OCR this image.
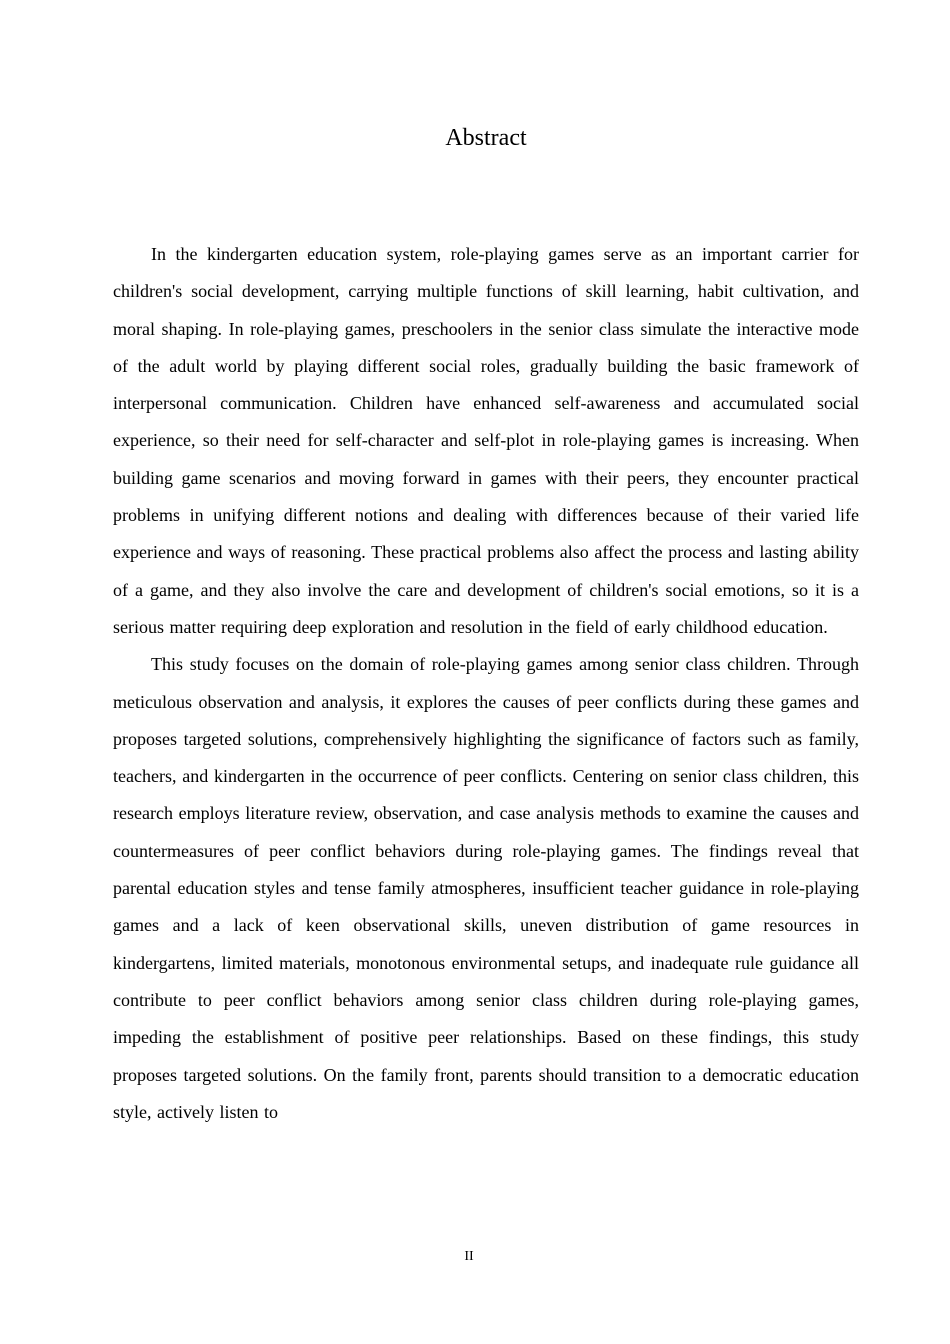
Abstract

In the kindergarten education system, role-playing games serve as an important carrier for children's social development, carrying multiple functions of skill learning, habit cultivation, and moral shaping. In role-playing games, preschoolers in the senior class simulate the interactive mode of the adult world by playing different social roles, gradually building the basic framework of interpersonal communication. Children have enhanced self-awareness and accumulated social experience, so their need for self-character and self-plot in role-playing games is increasing. When building game scenarios and moving forward in games with their peers, they encounter practical problems in unifying different notions and dealing with differences because of their varied life experience and ways of reasoning. These practical problems also affect the process and lasting ability of a game, and they also involve the care and development of children's social emotions, so it is a serious matter requiring deep exploration and resolution in the field of early childhood education.

This study focuses on the domain of role-playing games among senior class children. Through meticulous observation and analysis, it explores the causes of peer conflicts during these games and proposes targeted solutions, comprehensively highlighting the significance of factors such as family, teachers, and kindergarten in the occurrence of peer conflicts. Centering on senior class children, this research employs literature review, observation, and case analysis methods to examine the causes and countermeasures of peer conflict behaviors during role-playing games. The findings reveal that parental education styles and tense family atmospheres, insufficient teacher guidance in role-playing games and a lack of keen observational skills, uneven distribution of game resources in kindergartens, limited materials, monotonous environmental setups, and inadequate rule guidance all contribute to peer conflict behaviors among senior class children during role-playing games, impeding the establishment of positive peer relationships. Based on these findings, this study proposes targeted solutions. On the family front, parents should transition to a democratic education style, actively listen to

II
